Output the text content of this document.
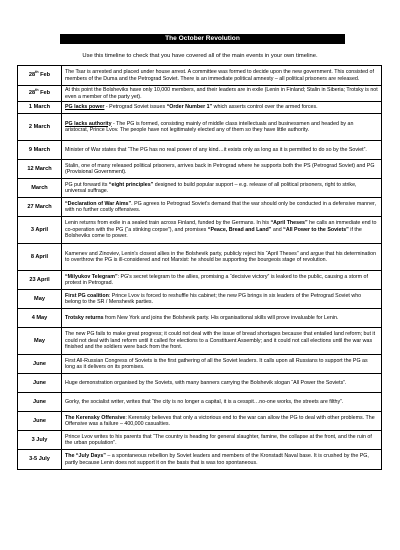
The October Revolution
Use this timeline to check that you have covered all of the main events in your own timeline.
28th Feb	The Tsar is arrested and placed under house arrest. A committee was formed to decide upon the new government. This consisted of members of the Duma and the Petrograd Soviet. There is an immediate political amnesty – all political prisoners are released.
28th Feb	At this point the Bolsheviks have only 10,000 members, and their leaders are in exile (Lenin in Finland; Stalin in Siberia; Trotsky is not even a member of the party yet).
1 March	PG lacks power - Petrograd Soviet issues “Order Number 1” which asserts control over the armed forces.
2 March	PG lacks authority - The PG is formed, consisting mainly of middle class intellectuals and businessmen and headed by an aristocrat, Prince Lvov. The people have not legitimately elected any of them so they have little authority.
9 March	Minister of War states that “The PG has no real power of any kind…it exists only as long as it is permitted to do so by the Soviet”.
12 March	Stalin, one of many released political prisoners, arrives back in Petrograd where he supports both the PS (Petrograd Soviet) and PG (Provisional Government).
March	PG put forward its “eight principles” designed to build popular support – e.g. release of all political prisoners, right to strike, universal suffrage.
27 March	“Declaration of War Aims”. PG agrees to Petrograd Soviet's demand that the war should only be conducted in a defensive manner, with no further costly offensives.
3 April	Lenin returns from exile in a sealed train across Finland, funded by the Germans. In his “April Theses” he calls an immediate end to co-operation with the PG (“a stinking corpse”), and promises “Peace, Bread and Land” and “All Power to the Soviets” if the Bolsheviks come to power.
8 April	Kamenev and Zinoviev, Lenin's closest allies in the Bolshevik party, publicly reject his “April Theses” and argue that his determination to overthrow the PG is ill-considered and not Marxist: he should be supporting the bourgeois stage of revolution.
23 April	“Milyukov Telegram”: PG's secret telegram to the allies, promising a “decisive victory” is leaked to the public, causing a storm of protest in Petrograd.
May	First PG coalition: Prince Lvov is forced to reshuffle his cabinet; the new PG brings in six leaders of the Petrograd Soviet who belong to the SR / Menshevik parties.
4 May	Trotsky returns from New York and joins the Bolshevik party. His organisational skills will prove invaluable for Lenin.
May	The new PG fails to make great progress; it could not deal with the issue of bread shortages because that entailed land reform; but it could not deal with land reform until it called for elections to a Constituent Assembly; and it could not call elections until the war was finished and the soldiers were back from the front.
June	First All-Russian Congress of Soviets is the first gathering of all the Soviet leaders. It calls upon all Russians to support the PG as long as it delivers on its promises.
June	Huge demonstration organised by the Soviets, with many banners carrying the Bolshevik slogan “All Power the Soviets”.
June	Gorky, the socialist writer, writes that “the city is no longer a capital, it is a cesspit…no-one works, the streets are filthy”.
June	The Kerensky Offensive: Kerensky believes that only a victorious end to the war can allow the PG to deal with other problems. The Offensive was a failure – 400,000 casualties.
3 July	Prince Lvov writes to his parents that “The country is heading for general slaughter, famine, the collapse at the front, and the ruin of the urban population”.
3-5 July	The “July Days” – a spontaneous rebellion by Soviet leaders and members of the Kronstadt Naval base. It is crushed by the PG, partly because Lenin does not support it on the basis that is was too spontaneous.
